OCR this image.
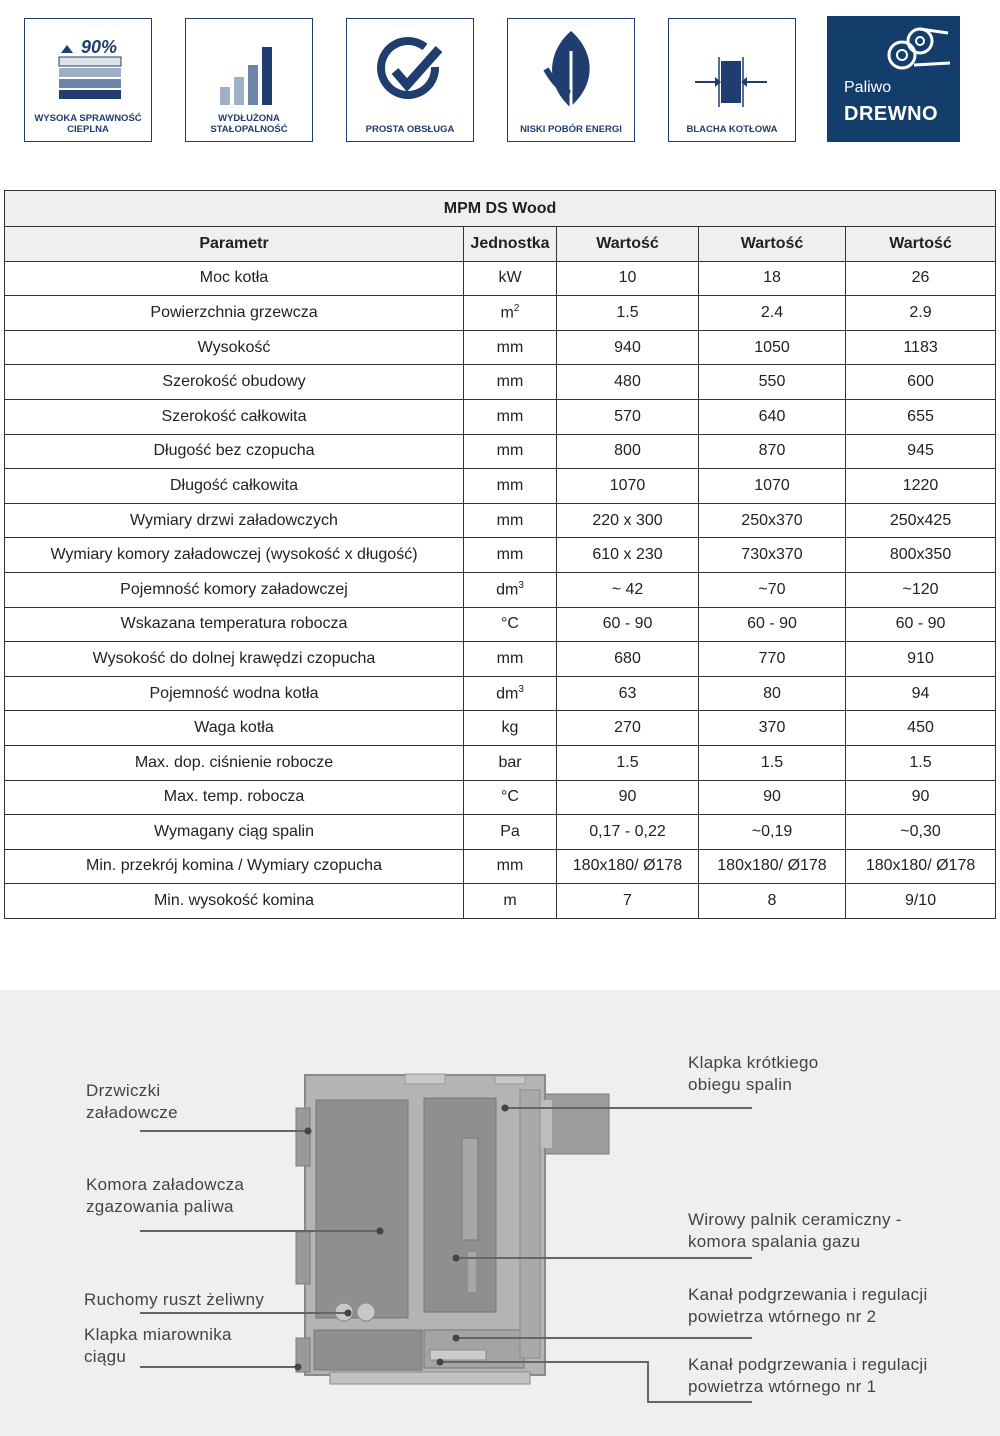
90%
WYSOKA SPRAWNOŚĆ CIEPLNA
WYDŁUŻONA STAŁOPALNOŚĆ	PROSTA OBSŁUGA	NISKI POBÓR ENERGI	BLACHA KOTŁOWA
Paliwo
DREWNO
MPM DS Wood				
Parametr	Jednostka	Wartość	Wartość	Wartość
Moc kotła	kW	10	18	26
Powierzchnia grzewcza	$m^2$	1.5	2.4	2.9
Wysokość	mm	940	1050	1183
Szerokość obudowy	mm	480	550	600
Szerokość całkowita	mm	570	640	655
Długość bez czopucha	mm	800	870	945
Długość całkowita	mm	1070	1070	1220
Wymiary drzwi załadowczych	mm	220 x 300	250x370	250x425
Wymiary komory załadowczej (wysokość x długość)	mm	610 x 230	730x370	800x350
Pojemność komory załadowczej	$dm^3$	~ 42	~70	~120
Wskazana temperatura robocza	°C	60 - 90	60 - 90	60 - 90
Wysokość do dolnej krawędzi czopucha	mm	680	770	910
Pojemność wodna kotła	$dm^3$	63	80	94
Waga kotła	kg	270	370	450
Max. dop. ciśnienie robocze	bar	1.5	1.5	1.5
Max. temp. robocza	°C	90	90	90
Wymagany ciąg spalin	Pa	0,17 - 0,22	~0,19	~0,30
Min. przekrój komina / Wymiary czopucha	mm	180x180/ Ø178	180x180/ Ø178	180x180/ Ø178
Min. wysokość komina	m	7	8	9/10
Drzwiczki
załadowcze
Komora załadowcza
zgazowania paliwa
Ruchomy ruszt żeliwny
Klapka miarownika
ciągu
Klapka krótkiego
obiegu spalin
Wirowy palnik ceramiczny -
komora spalania gazu
Kanał podgrzewania i regulacji
powietrza wtórnego nr 2
Kanał podgrzewania i regulacji
powietrza wtórnego nr 1
